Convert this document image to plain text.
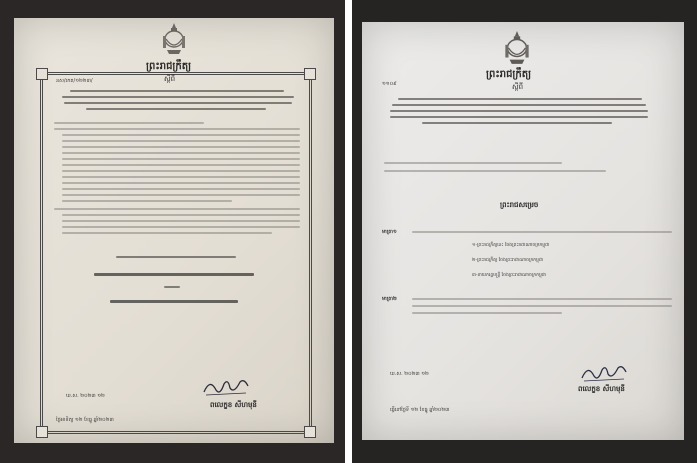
ព្រះរាជក្រឹត្យ
ស្ដីពី
នស/រកត/១២២៣/
ឃ.ស. ២០២៣ ១២
ពលេក្ខខ សីហមុនី
ថ្ងៃអាទិត្យ ១២ ខែធ្នូ ឆ្នាំ២០២៣
១១០៩
ព្រះរាជក្រឹត្យ
ស្ដីពី
ព្រះរាជសម្រេច
មាត្រា១
១-ព្រះរាជក្រឹត្យនេះ ចែងព្រះរាជាណាចក្រកម្ពុជា
២-ព្រះរាជក្រឹត្យ ចែងព្រះរាជាណាចក្រកម្ពុជា
៣-នាយករដ្ឋមន្ត្រី ចែងព្រះរាជាណាចក្រកម្ពុជា
មាត្រា២
ឃ.ស. ២០២៣ ១២
ពលេក្ខខ សីហមុនី
ធ្វើនៅថ្ងៃទី ១២ ខែធ្នូ ឆ្នាំ២០២៣
